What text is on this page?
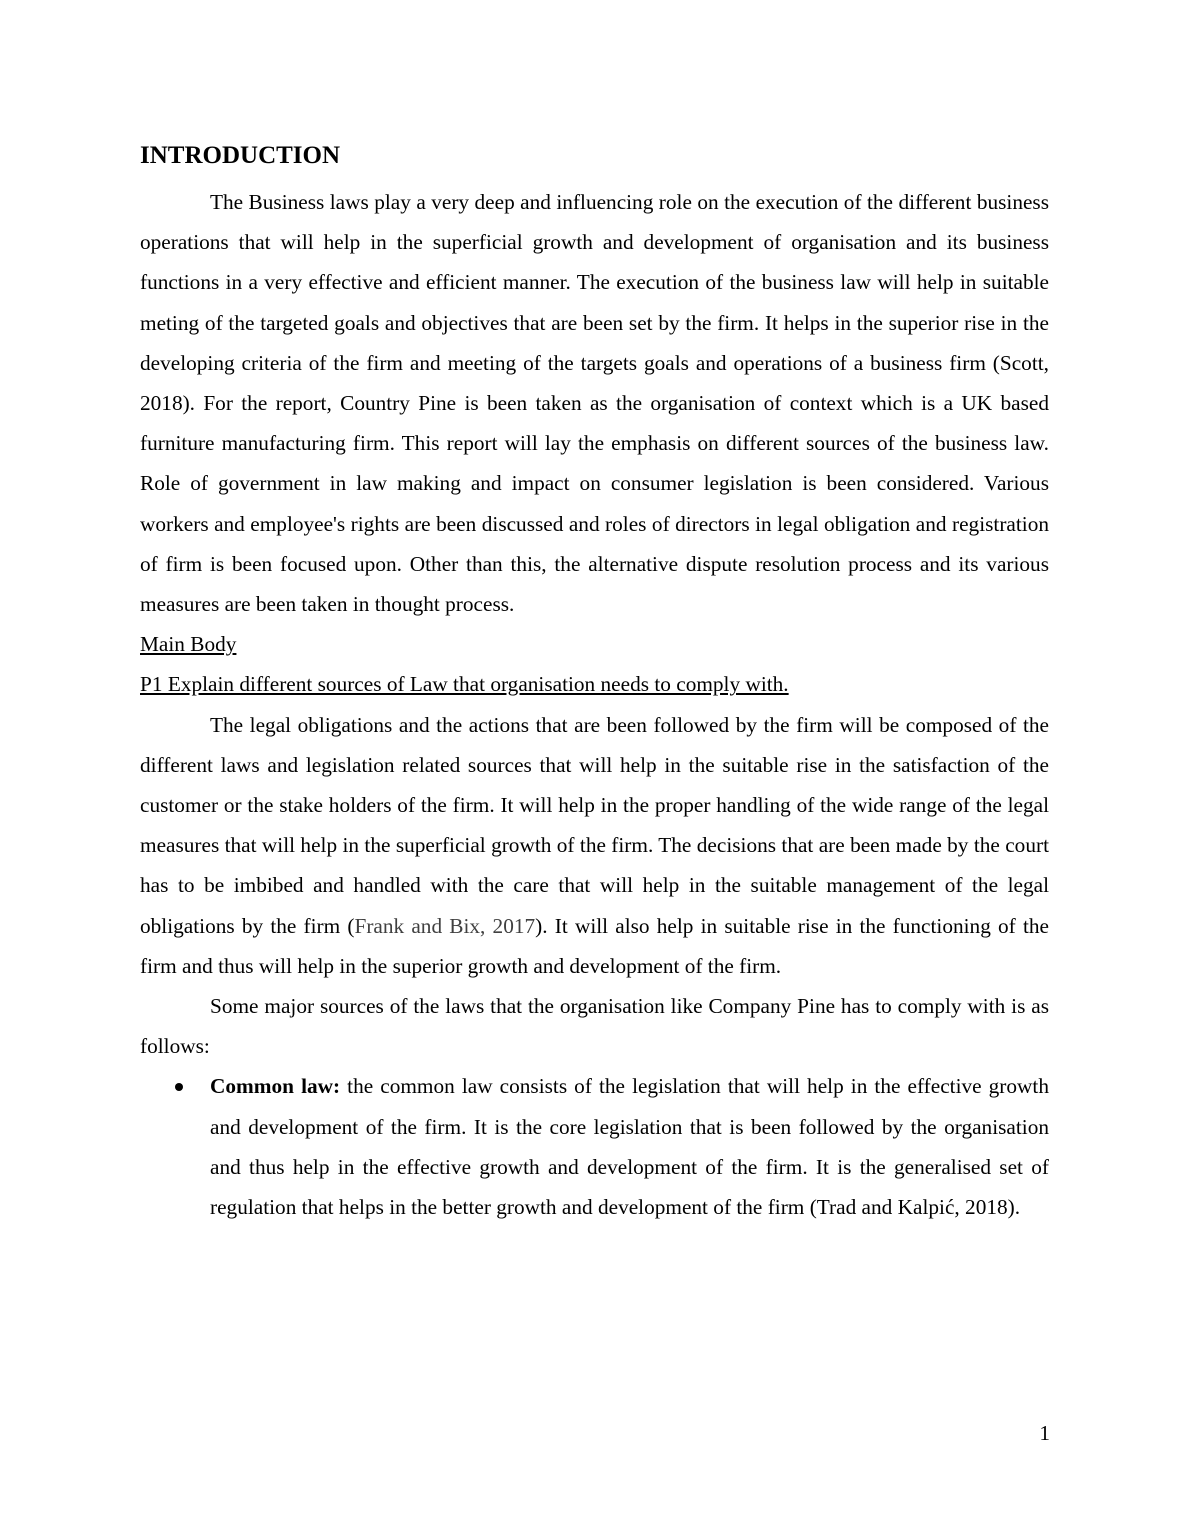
INTRODUCTION

The Business laws play a very deep and influencing role on the execution of the different business operations that will help in the superficial growth and development of organisation and its business functions in a very effective and efficient manner. The execution of the business law will help in suitable meting of the targeted goals and objectives that are been set by the firm. It helps in the superior rise in the developing criteria of the firm and meeting of the targets goals and operations of a business firm (Scott, 2018). For the report, Country Pine is been taken as the organisation of context which is a UK based furniture manufacturing firm. This report will lay the emphasis on different sources of the business law. Role of government in law making and impact on consumer legislation is been considered. Various workers and employee's rights are been discussed and roles of directors in legal obligation and registration of firm is been focused upon. Other than this, the alternative dispute resolution process and its various measures are been taken in thought process.

Main Body
P1 Explain different sources of Law that organisation needs to comply with.

The legal obligations and the actions that are been followed by the firm will be composed of the different laws and legislation related sources that will help in the suitable rise in the satisfaction of the customer or the stake holders of the firm. It will help in the proper handling of the wide range of the legal measures that will help in the superficial growth of the firm. The decisions that are been made by the court has to be imbibed and handled with the care that will help in the suitable management of the legal obligations by the firm (Frank and Bix, 2017). It will also help in suitable rise in the functioning of the firm and thus will help in the superior growth and development of the firm.

Some major sources of the laws that the organisation like Company Pine has to comply with is as follows:

Common law: the common law consists of the legislation that will help in the effective growth and development of the firm. It is the core legislation that is been followed by the organisation and thus help in the effective growth and development of the firm. It is the generalised set of regulation that helps in the better growth and development of the firm (Trad and Kalpić, 2018).
1
